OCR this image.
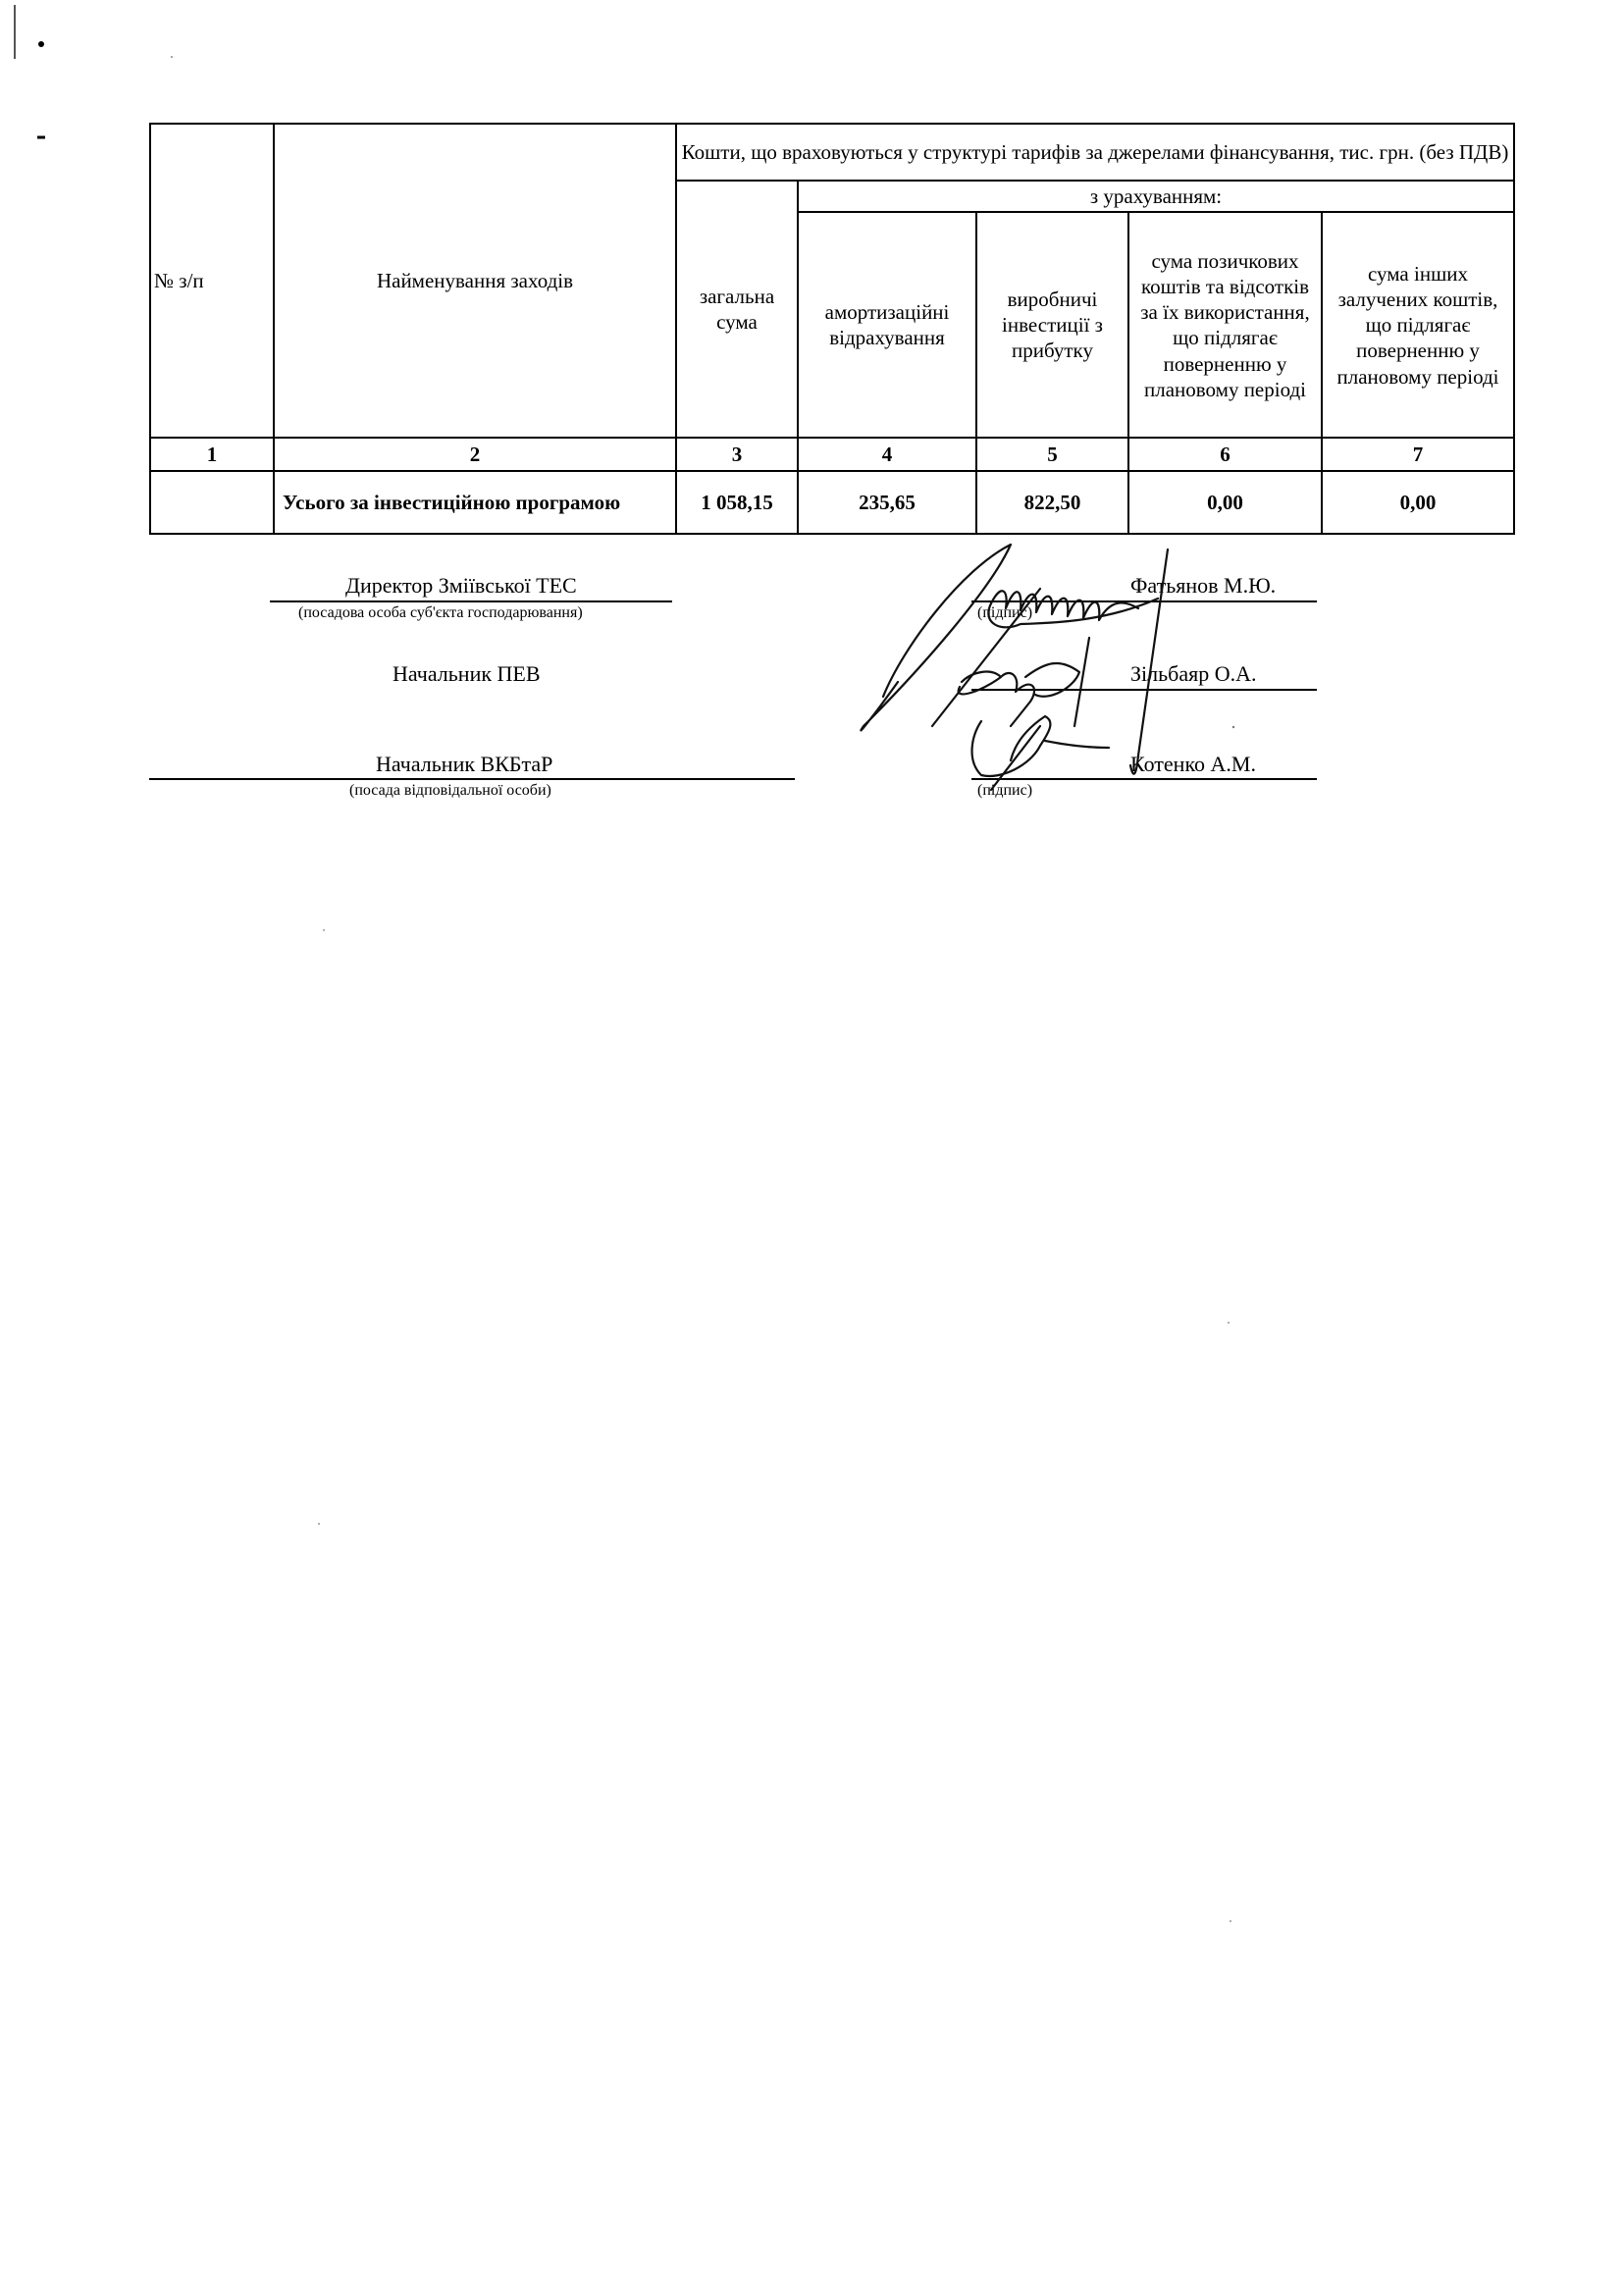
№ з/п	Найменування заходів	Кошти, що враховуються у структурі тарифів за джерелами фінансування, тис. грн. (без ПДВ)				
		загальна сума	з урахуванням:			
			амортизаційні відрахування	виробничі інвестиції з прибутку	сума позичкових коштів та відсотків за їх використання, що підлягає поверненню у плановому періоді	сума інших залучених коштів, що підлягає поверненню у плановому періоді
1	2	3	4	5	6	7
	Усього за інвестиційною програмою	1 058,15	235,65	822,50	0,00	0,00
Директор Зміївської ТЕС
(посадова особа суб'єкта господарювання)
Фатьянов М.Ю.
(підпис)
Начальник ПЕВ	Зільбаяр О.А.
Начальник ВКБтаР
(посада відповідальної особи)
Котенко А.М.
(підпис)
